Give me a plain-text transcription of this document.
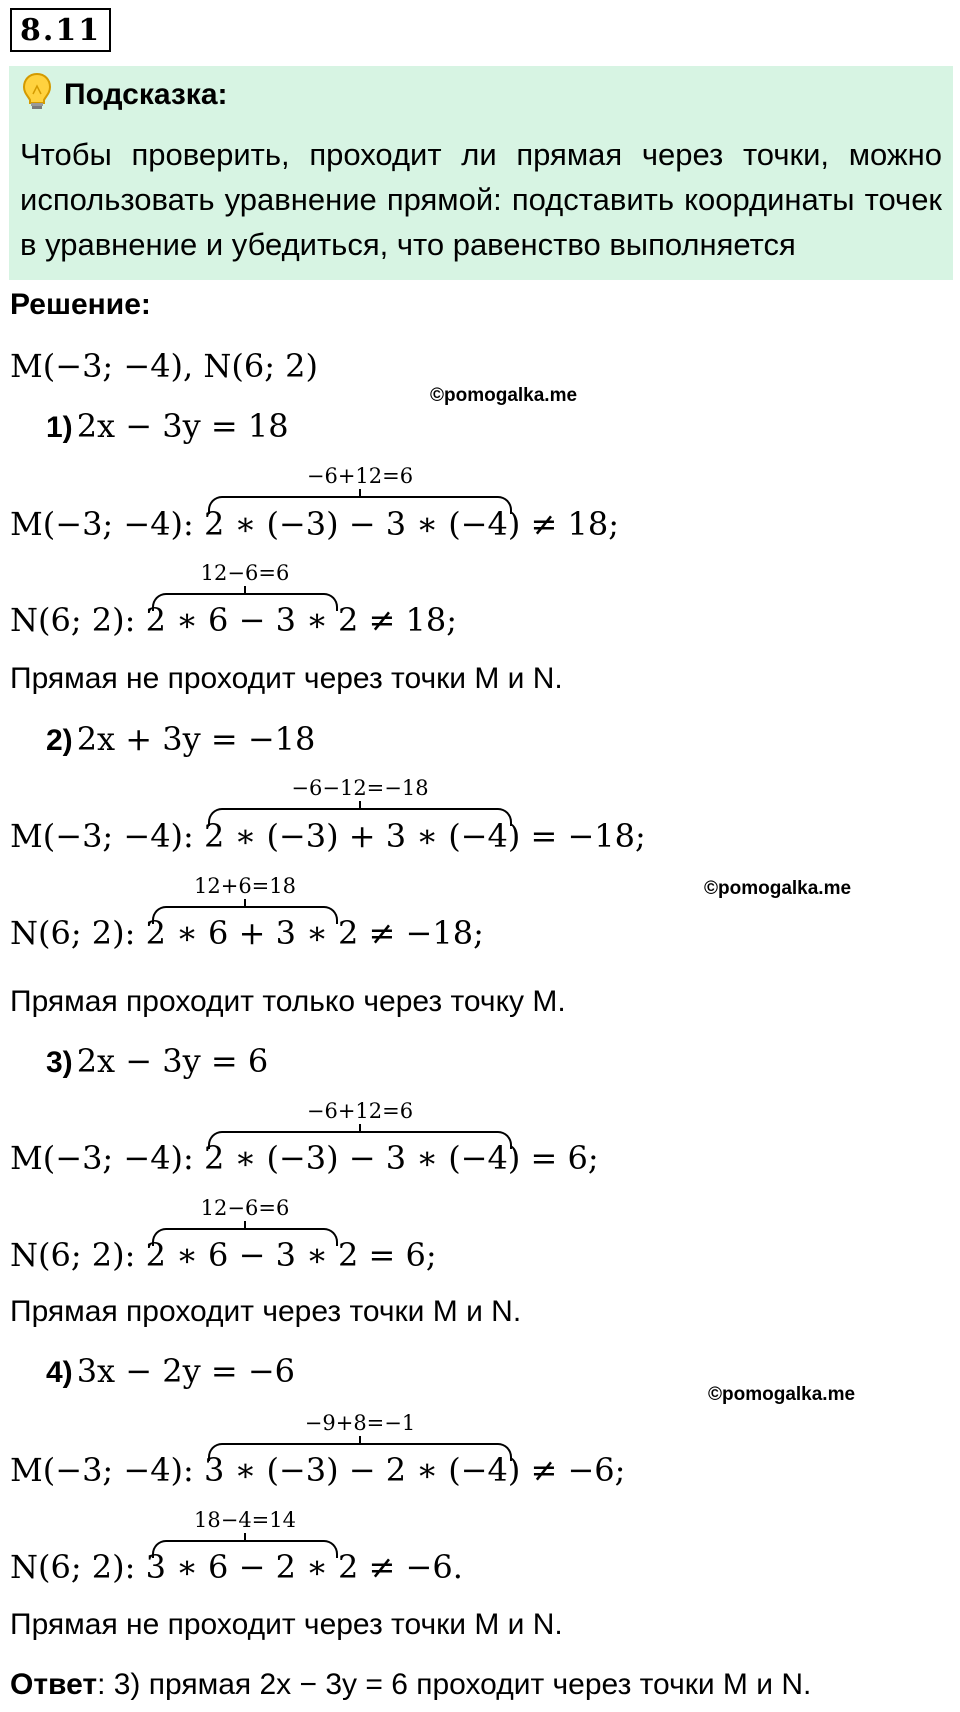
8.11
Подсказка:
Чтобы проверить, проходит ли прямая через точки, можно использовать уравнение прямой: подставить координаты точек в уравнение и убедиться, что равенство выполняется
Решение:
M(−3; −4), N(6; 2)
©pomogalka.me
©pomogalka.me
©pomogalka.me
1) 2x − 3y = 18
−6+12=6
M(−3; −4): 2 ∗ (−3) − 3 ∗ (−4) ≠ 18;
12−6=6
N(6; 2): 2 ∗ 6 − 3 ∗ 2 ≠ 18;
Прямая не проходит через точки M и N.
2) 2x + 3y = −18
−6−12=−18
M(−3; −4): 2 ∗ (−3) + 3 ∗ (−4) = −18;
12+6=18
N(6; 2): 2 ∗ 6 + 3 ∗ 2 ≠ −18;
Прямая проходит только через точку M.
3) 2x − 3y = 6
−6+12=6
M(−3; −4): 2 ∗ (−3) − 3 ∗ (−4) = 6;
12−6=6
N(6; 2): 2 ∗ 6 − 3 ∗ 2 = 6;
Прямая проходит через точки M и N.
4) 3x − 2y = −6
−9+8=−1
M(−3; −4): 3 ∗ (−3) − 2 ∗ (−4) ≠ −6;
18−4=14
N(6; 2): 3 ∗ 6 − 2 ∗ 2 ≠ −6.
Прямая не проходит через точки M и N.
Ответ: 3) прямая 2x − 3y = 6 проходит через точки M и N.
